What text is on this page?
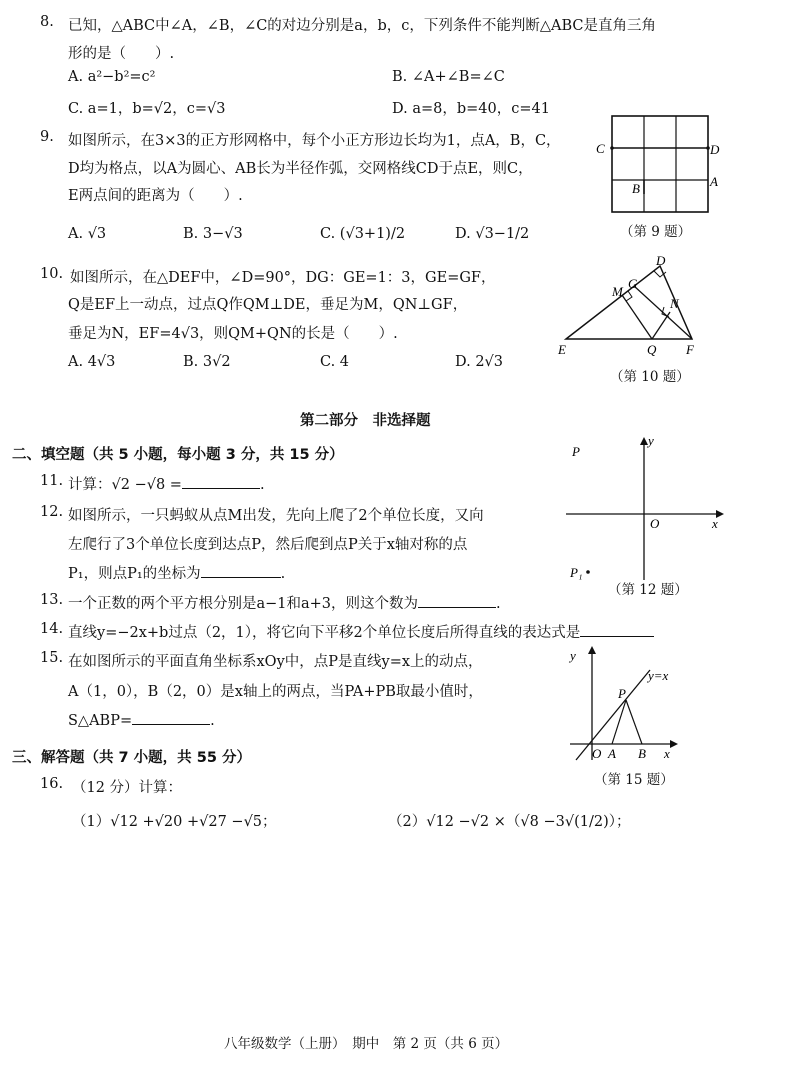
8. 已知，△ABC中∠A，∠B，∠C的对边分别是a，b，c，下列条件不能判断△ABC是直角三角
形的是（　　）.
A. a²−b²=c²	B. ∠A+∠B=∠C
C. a=1，b=√2，c=√3	D. a=8，b=40，c=41
9. 如图所示，在3×3的正方形网格中，每个小正方形边长均为1，点A，B，C，
D均为格点，以A为圆心、AB长为半径作弧，交网格线CD于点E，则C，
E两点间的距离为（　　）.
A. √3	B. 3−√3	C. (√3+1)/2	D. √3−1/2
C	D
B	A
（第 9 题）
10. 如图所示，在△DEF中，∠D=90°，DG：GE=1：3，GE=GF，
Q是EF上一动点，过点Q作QM⊥DE，垂足为M，QN⊥GF，
垂足为N，EF=4√3，则QM+QN的长是（　　）.
A. 4√3	B. 3√2	C. 4	D. 2√3
D
G
M
N
E	Q F
（第 10 题）
第二部分　非选择题
二、填空题（共 5 小题，每小题 3 分，共 15 分）
11. 计算：√2 −√8 =	.
12. 如图所示，一只蚂蚁从点M出发，先向上爬了2个单位长度，又向
左爬行了3个单位长度到达点P，然后爬到点P关于x轴对称的点
P₁，则点P₁的坐标为	.
P
y
O	x
P₁
（第 12 题）
13. 一个正数的两个平方根分别是a−1和a+3，则这个数为	.
14. 直线y=−2x+b过点（2，1），将它向下平移2个单位长度后所得直线的表达式是
15. 在如图所示的平面直角坐标系xOy中，点P是直线y=x上的动点，
A（1，0），B（2，0）是x轴上的两点，当PA+PB取最小值时，
S△ABP=	.
y
y=x
P
O A B x
（第 15 题）
三、解答题（共 7 小题，共 55 分）
16. （12 分）计算：
（1）√12 +√20 +√27 −√5；	（2）√12 −√2 ×（√8 −3√(1/2)）；
八年级数学（上册）　期中　第 2 页（共 6 页）
